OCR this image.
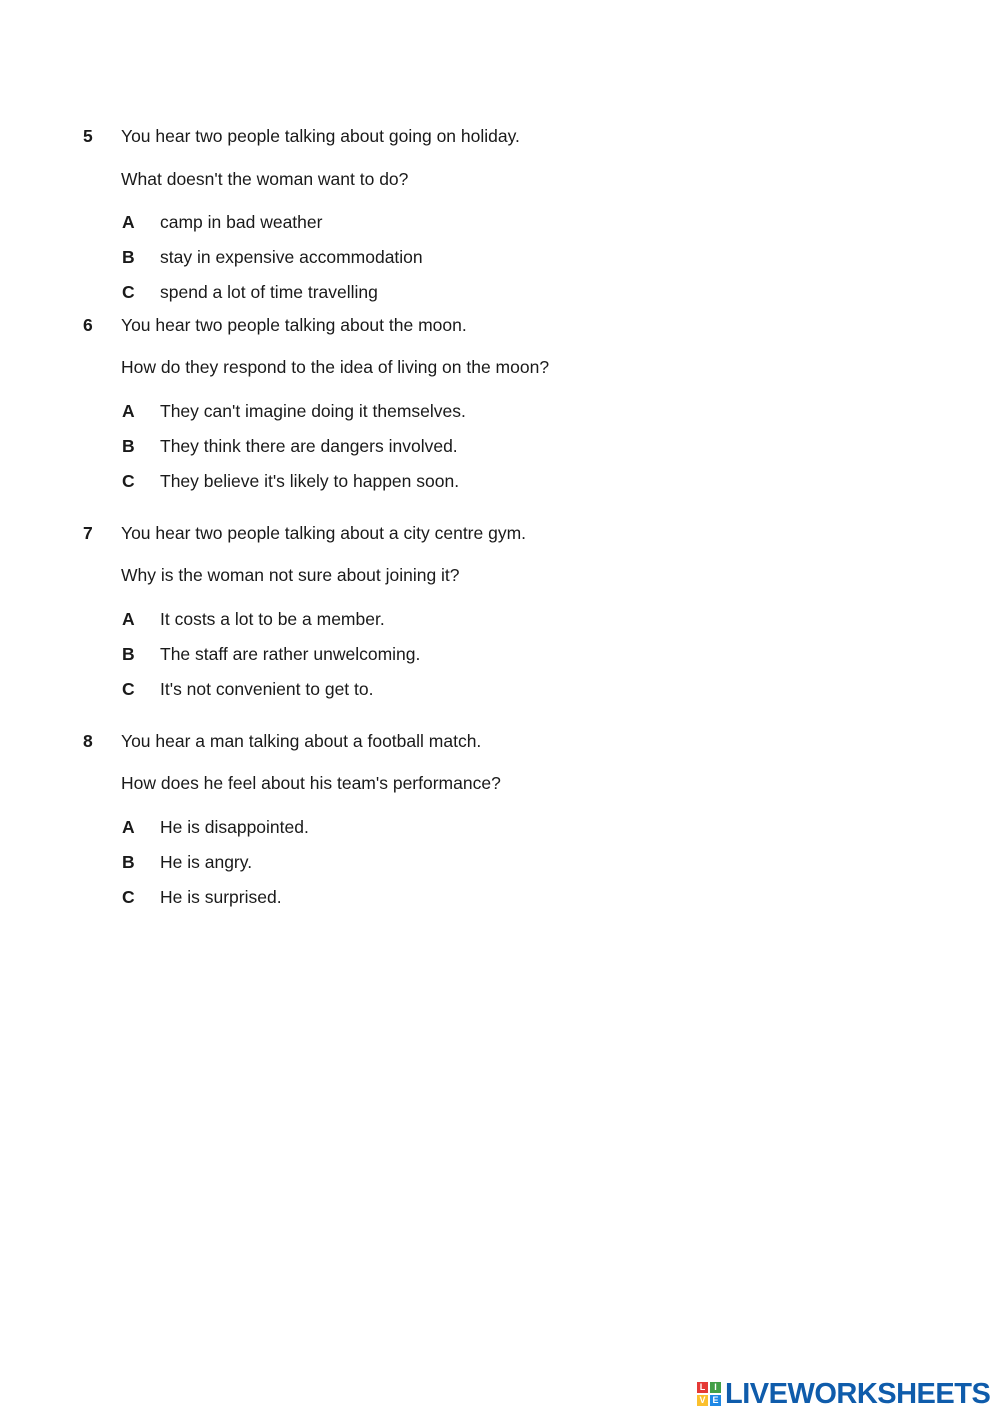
5 You hear two people talking about going on holiday.
What doesn't the woman want to do?
A camp in bad weather
B stay in expensive accommodation
C spend a lot of time travelling
6 You hear two people talking about the moon.
How do they respond to the idea of living on the moon?
A They can't imagine doing it themselves.
B They think there are dangers involved.
C They believe it's likely to happen soon.
7 You hear two people talking about a city centre gym.
Why is the woman not sure about joining it?
A It costs a lot to be a member.
B The staff are rather unwelcoming.
C It's not convenient to get to.
8 You hear a man talking about a football match.
How does he feel about his team's performance?
A He is disappointed.
B He is angry.
C He is surprised.
L I
V E LIVEWORKSHEETS
